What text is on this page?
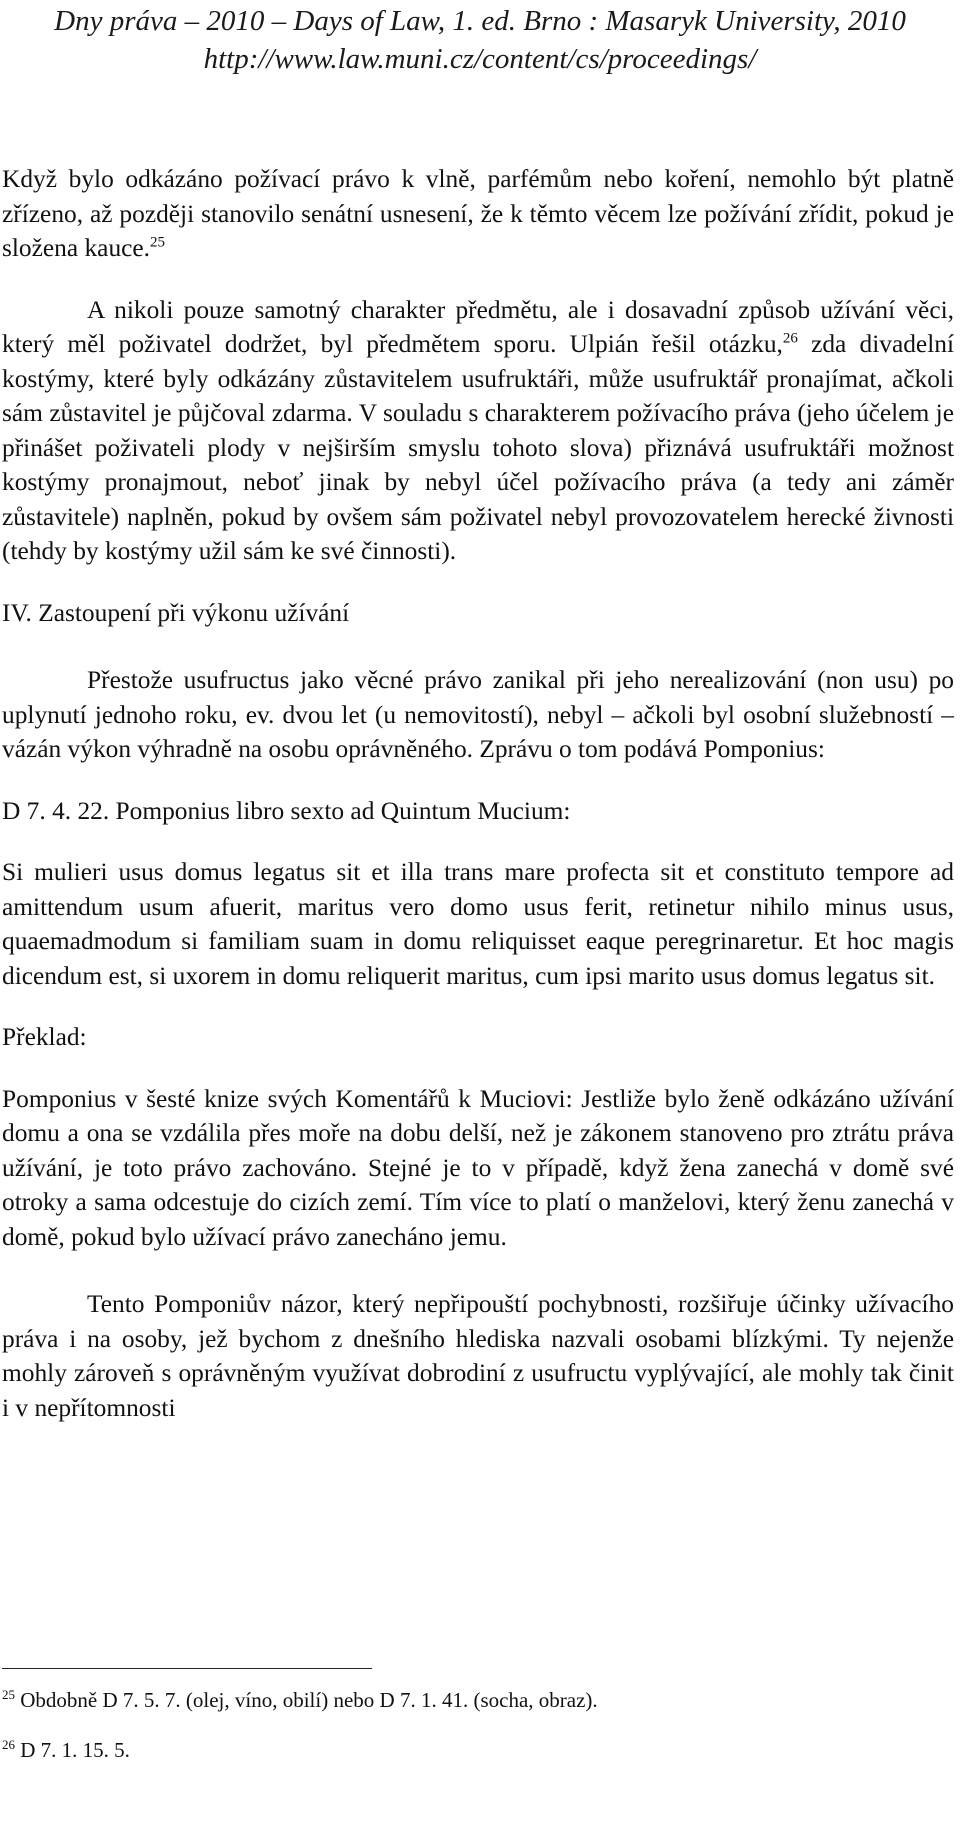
Dny práva – 2010 – Days of Law, 1. ed. Brno : Masaryk University, 2010
http://www.law.muni.cz/content/cs/proceedings/

Když bylo odkázáno požívací právo k vlně, parfémům nebo koření, nemohlo být platně zřízeno, až později stanovilo senátní usnesení, že k těmto věcem lze požívání zřídit, pokud je složena kauce.$^{25}$

A nikoli pouze samotný charakter předmětu, ale i dosavadní způsob užívání věci, který měl poživatel dodržet, byl předmětem sporu. Ulpián řešil otázku,$^{26}$ zda divadelní kostýmy, které byly odkázány zůstavitelem usufruktáři, může usufruktář pronajímat, ačkoli sám zůstavitel je půjčoval zdarma. V souladu s charakterem požívacího práva (jeho účelem je přinášet poživateli plody v nejširším smyslu tohoto slova) přiznává usufruktáři možnost kostýmy pronajmout, neboť jinak by nebyl účel požívacího práva (a tedy ani záměr zůstavitele) naplněn, pokud by ovšem sám poživatel nebyl provozovatelem herecké živnosti (tehdy by kostýmy užil sám ke své činnosti).

IV. Zastoupení při výkonu užívání

Přestože usufructus jako věcné právo zanikal při jeho nerealizování (non usu) po uplynutí jednoho roku, ev. dvou let (u nemovitostí), nebyl – ačkoli byl osobní služebností – vázán výkon výhradně na osobu oprávněného. Zprávu o tom podává Pomponius:

D 7. 4. 22. Pomponius libro sexto ad Quintum Mucium:

Si mulieri usus domus legatus sit et illa trans mare profecta sit et constituto tempore ad amittendum usum afuerit, maritus vero domo usus ferit, retinetur nihilo minus usus, quaemadmodum si familiam suam in domu reliquisset eaque peregrinaretur. Et hoc magis dicendum est, si uxorem in domu reliquerit maritus, cum ipsi marito usus domus legatus sit.

Překlad:

Pomponius v šesté knize svých Komentářů k Muciovi: Jestliže bylo ženě odkázáno užívání domu a ona se vzdálila přes moře na dobu delší, než je zákonem stanoveno pro ztrátu práva užívání, je toto právo zachováno. Stejné je to v případě, když žena zanechá v domě své otroky a sama odcestuje do cizích zemí. Tím více to platí o manželovi, který ženu zanechá v domě, pokud bylo užívací právo zanecháno jemu.

Tento Pomponiův názor, který nepřipouští pochybnosti, rozšiřuje účinky užívacího práva i na osoby, jež bychom z dnešního hlediska nazvali osobami blízkými. Ty nejenže mohly zároveň s oprávněným využívat dobrodiní z usufructu vyplývající, ale mohly tak činit i v nepřítomnosti

$^{25}$ Obdobně D 7. 5. 7. (olej, víno, obilí) nebo D 7. 1. 41. (socha, obraz).

$^{26}$ D 7. 1. 15. 5.
